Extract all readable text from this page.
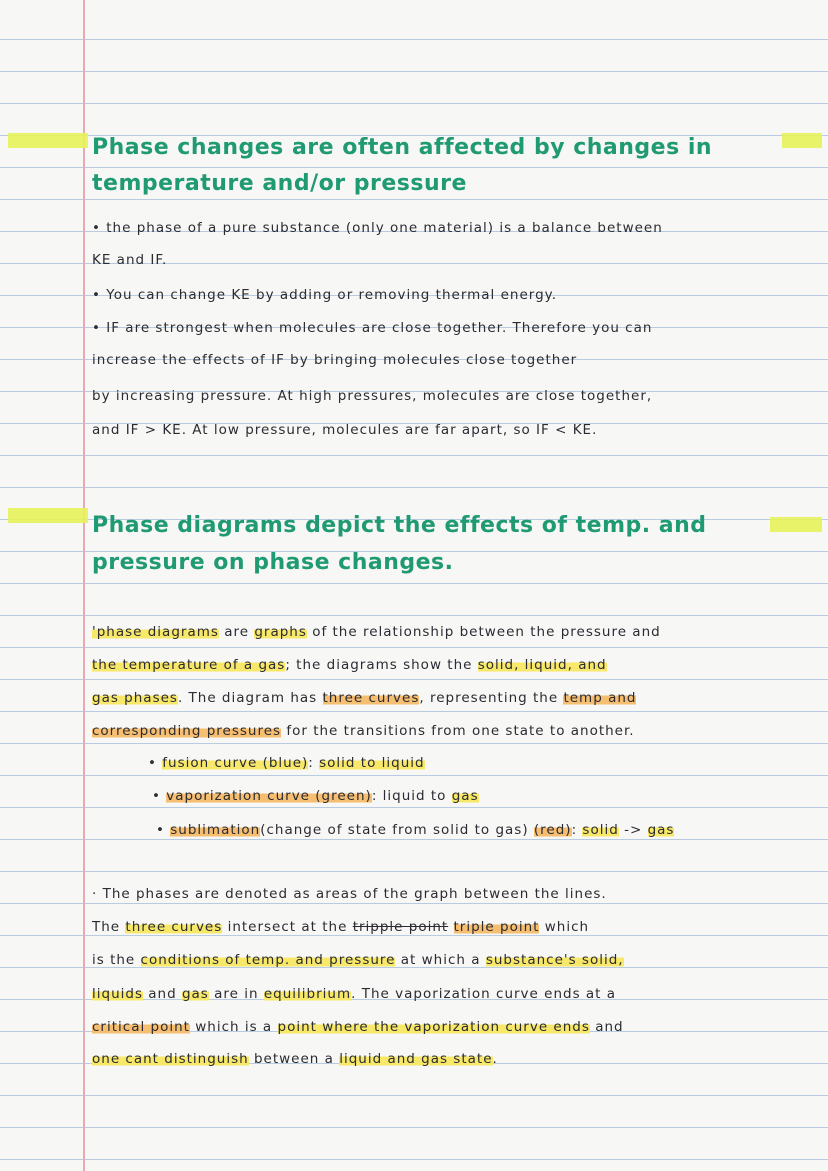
Phase changes are often affected by changes in
temperature and/or pressure
• the phase of a pure substance (only one material) is a balance between
KE and IF.
• You can change KE by adding or removing thermal energy.
• IF are strongest when molecules are close together. Therefore you can
increase the effects of IF by bringing molecules close together
by increasing pressure. At high pressures, molecules are close together,
and IF > KE. At low pressure, molecules are far apart, so IF < KE.
Phase diagrams depict the effects of temp. and
pressure on phase changes.
'phase diagrams are graphs of the relationship between the pressure and
the temperature of a gas; the diagrams show the solid, liquid, and
gas phases. The diagram has three curves, representing the temp and
corresponding pressures for the transitions from one state to another.
• fusion curve (blue): solid to liquid
• vaporization curve (green): liquid to gas
• sublimation(change of state from solid to gas) (red): solid -> gas
· The phases are denoted as areas of the graph between the lines.
The three curves intersect at the tripple point triple point which
is the conditions of temp. and pressure at which a substance's solid,
liquids and gas are in equilibrium. The vaporization curve ends at a
critical point which is a point where the vaporization curve ends and
one cant distinguish between a liquid and gas state.
